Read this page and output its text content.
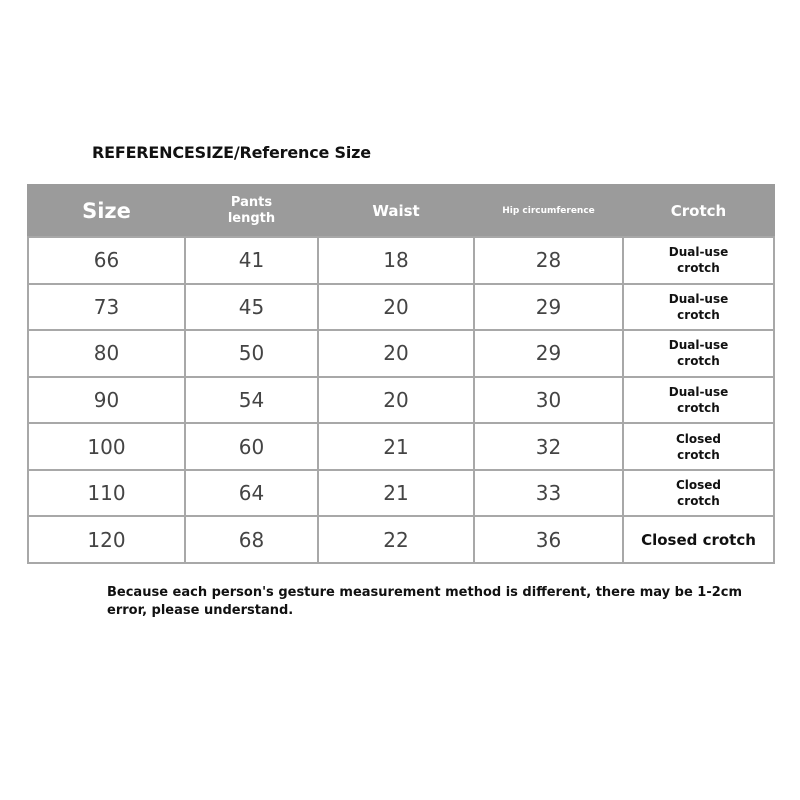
REFERENCESIZE/Reference Size
Size	Pants length	Waist	Hip circumference	Crotch
66	41	18	28	Dual-use crotch
73	45	20	29	Dual-use crotch
80	50	20	29	Dual-use crotch
90	54	20	30	Dual-use crotch
100	60	21	32	Closed crotch
110	64	21	33	Closed crotch
120	68	22	36	Closed crotch
Because each person's gesture measurement method is different, there may be 1-2cm error, please understand.
